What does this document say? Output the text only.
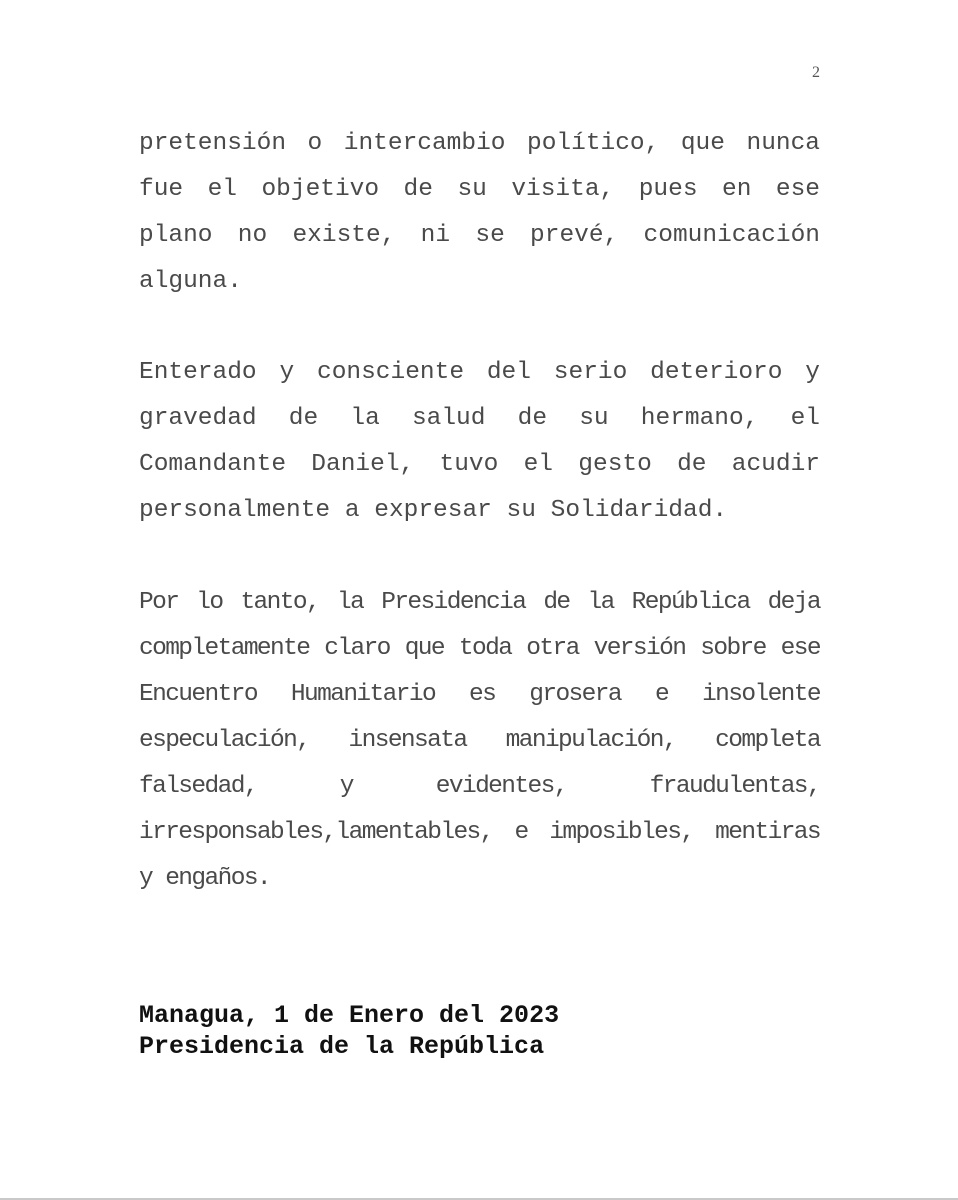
2

pretensión o intercambio político, que nunca fue el objetivo de su visita, pues en ese plano no existe, ni se prevé, comunicación alguna.

Enterado y consciente del serio deterioro y gravedad de la salud de su hermano, el Comandante Daniel, tuvo el gesto de acudir personalmente a expresar su Solidaridad.

Por lo tanto, la Presidencia de la República deja completamente claro que toda otra versión sobre ese Encuentro Humanitario es grosera e insolente especulación, insensata manipulación, completa falsedad, y evidentes, fraudulentas, irresponsables,lamentables, e imposibles, mentiras y engaños.

Managua, 1 de Enero del 2023

Presidencia de la República
